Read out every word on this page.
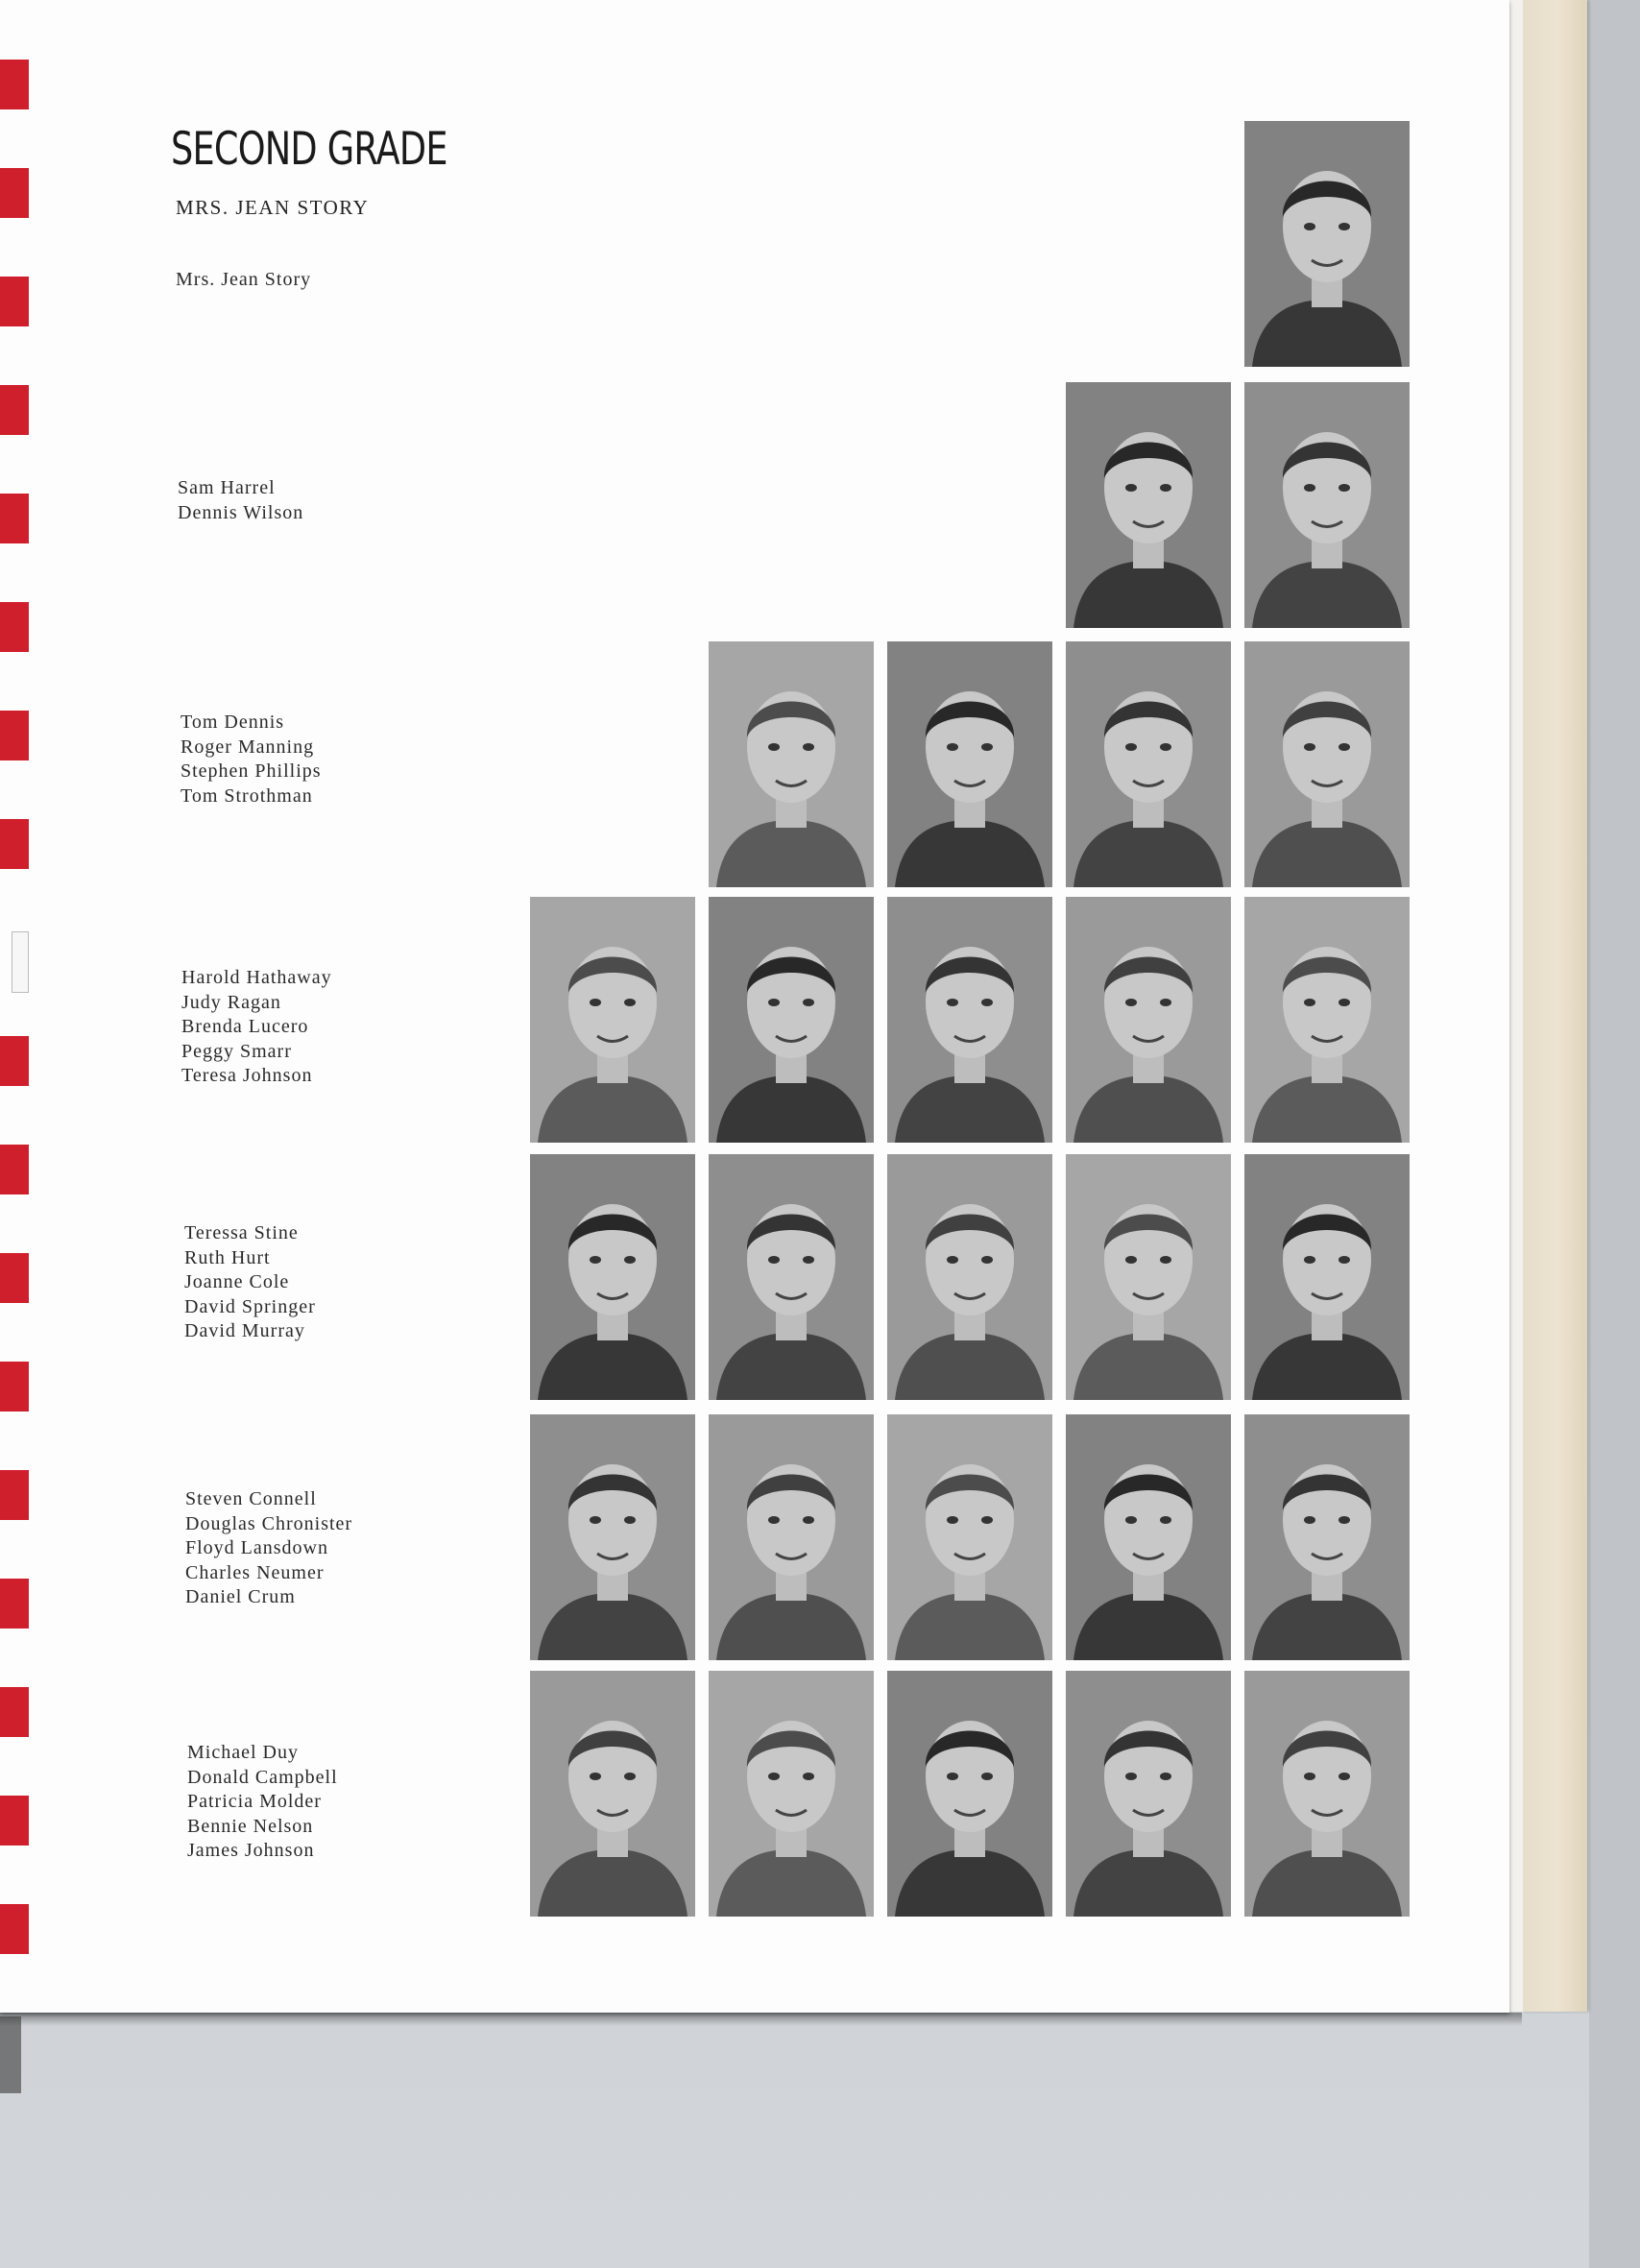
SECOND GRADE
MRS. JEAN STORY
Mrs. Jean Story
Sam Harrel
Dennis Wilson
Tom Dennis
Roger Manning
Stephen Phillips
Tom Strothman
Harold Hathaway
Judy Ragan
Brenda Lucero
Peggy Smarr
Teresa Johnson
Teressa Stine
Ruth Hurt
Joanne Cole
David Springer
David Murray
Steven Connell
Douglas Chronister
Floyd Lansdown
Charles Neumer
Daniel Crum
Michael Duy
Donald Campbell
Patricia Molder
Bennie Nelson
James Johnson
